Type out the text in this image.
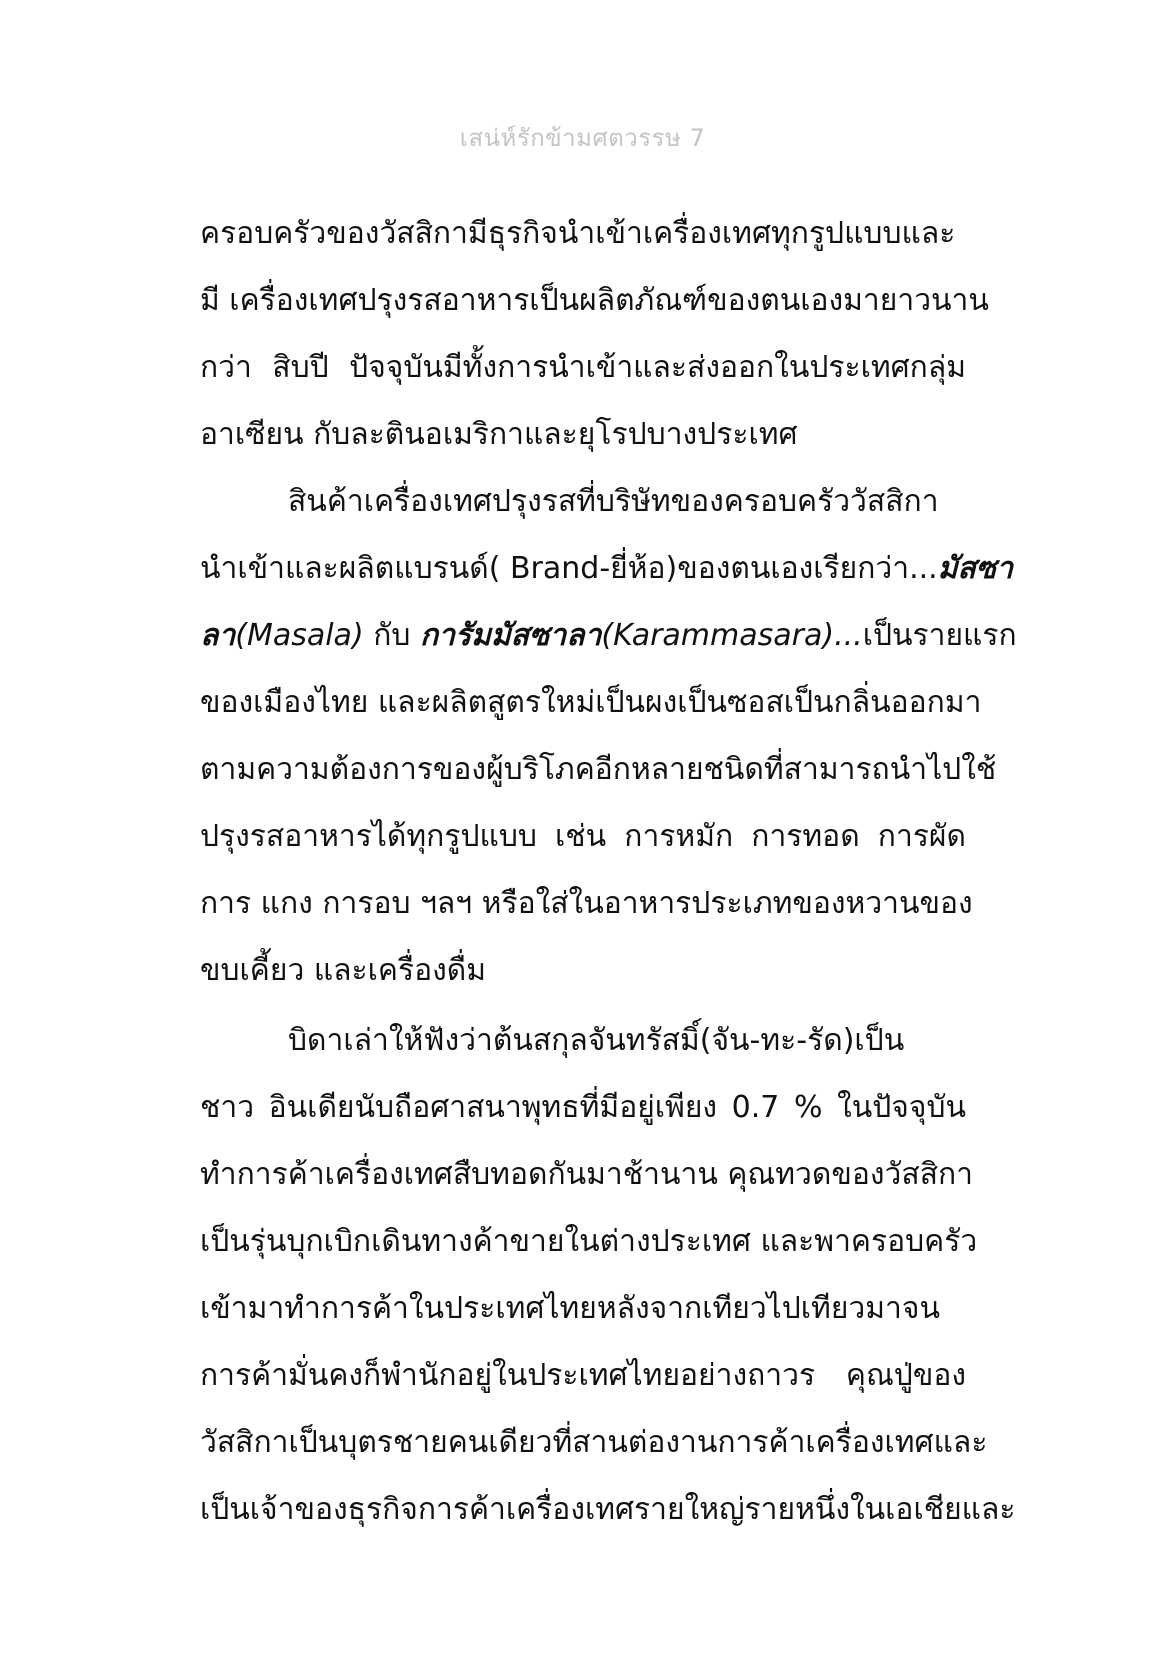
เสน่ห์รักข้ามศตวรรษ 7
ครอบครัวของวัสสิกามีธุรกิจนำเข้าเครื่องเทศทุกรูปแบบและ
มี เครื่องเทศปรุงรสอาหารเป็นผลิตภัณฑ์ของตนเองมายาวนาน
กว่า สิบปี ปัจจุบันมีทั้งการนำเข้าและส่งออกในประเทศกลุ่ม
อาเซียน กับละตินอเมริกาและยุโรปบางประเทศ
สินค้าเครื่องเทศปรุงรสที่บริษัทของครอบครัววัสสิกา
นำเข้าและผลิตแบรนด์( Brand-ยี่ห้อ)ของตนเองเรียกว่า...มัสซา
ลา(Masala) กับ การัมมัสซาลา(Karammasara)...เป็นรายแรก
ของเมืองไทย และผลิตสูตรใหม่เป็นผงเป็นซอสเป็นกลิ่นออกมา
ตามความต้องการของผู้บริโภคอีกหลายชนิดที่สามารถนำไปใช้
ปรุงรสอาหารได้ทุกรูปแบบ เช่น การหมัก การทอด การผัด
การ แกง การอบ ฯลฯ หรือใส่ในอาหารประเภทของหวานของ
ขบเคี้ยว และเครื่องดื่ม
บิดาเล่าให้ฟังว่าต้นสกุลจันทรัสมิ์(จัน-ทะ-รัด)เป็น
ชาว อินเดียนับถือศาสนาพุทธที่มีอยู่เพียง 0.7 % ในปัจจุบัน
ทำการค้าเครื่องเทศสืบทอดกันมาช้านาน คุณทวดของวัสสิกา
เป็นรุ่นบุกเบิกเดินทางค้าขายในต่างประเทศ และพาครอบครัว
เข้ามาทำการค้าในประเทศไทยหลังจากเทียวไปเทียวมาจน
การค้ามั่นคงก็พำนักอยู่ในประเทศไทยอย่างถาวร คุณปู่ของ
วัสสิกาเป็นบุตรชายคนเดียวที่สานต่องานการค้าเครื่องเทศและ
เป็นเจ้าของธุรกิจการค้าเครื่องเทศรายใหญ่รายหนึ่งในเอเชียและ
